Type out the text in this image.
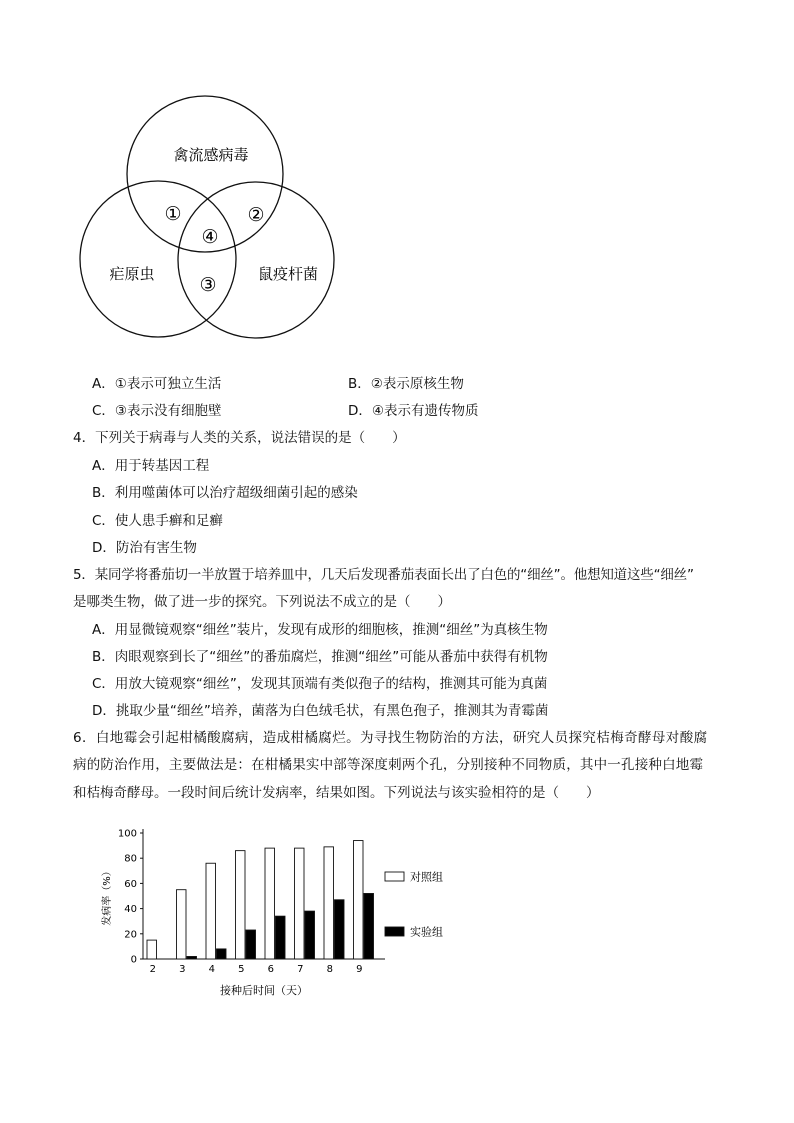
禽流感病毒
疟原虫	鼠疫杆菌
①	②
④
③
A．①表示可独立生活	B．②表示原核生物
C．③表示没有细胞壁	D．④表示有遗传物质
4．下列关于病毒与人类的关系，说法错误的是（　　）
A．用于转基因工程
B．利用噬菌体可以治疗超级细菌引起的感染
C．使人患手癣和足癣
D．防治有害生物
5．某同学将番茄切一半放置于培养皿中，几天后发现番茄表面长出了白色的“细丝”。他想知道这些“细丝”
是哪类生物，做了进一步的探究。下列说法不成立的是（　　）
A．用显微镜观察“细丝”装片，发现有成形的细胞核，推测“细丝”为真核生物
B．肉眼观察到长了“细丝”的番茄腐烂，推测“细丝”可能从番茄中获得有机物
C．用放大镜观察“细丝”，发现其顶端有类似孢子的结构，推测其可能为真菌
D．挑取少量“细丝”培养，菌落为白色绒毛状，有黑色孢子，推测其为青霉菌
6．白地霉会引起柑橘酸腐病，造成柑橘腐烂。为寻找生物防治的方法，研究人员探究桔梅奇酵母对酸腐
病的防治作用，主要做法是：在柑橘果实中部等深度刺两个孔，分别接种不同物质，其中一孔接种白地霉
和桔梅奇酵母。一段时间后统计发病率，结果如图。下列说法与该实验相符的是（　　）
0
20
40
60
80
100
发病率（%）
2 3 4 5 6 7 8 9
接种后时间（天）
对照组
实验组
